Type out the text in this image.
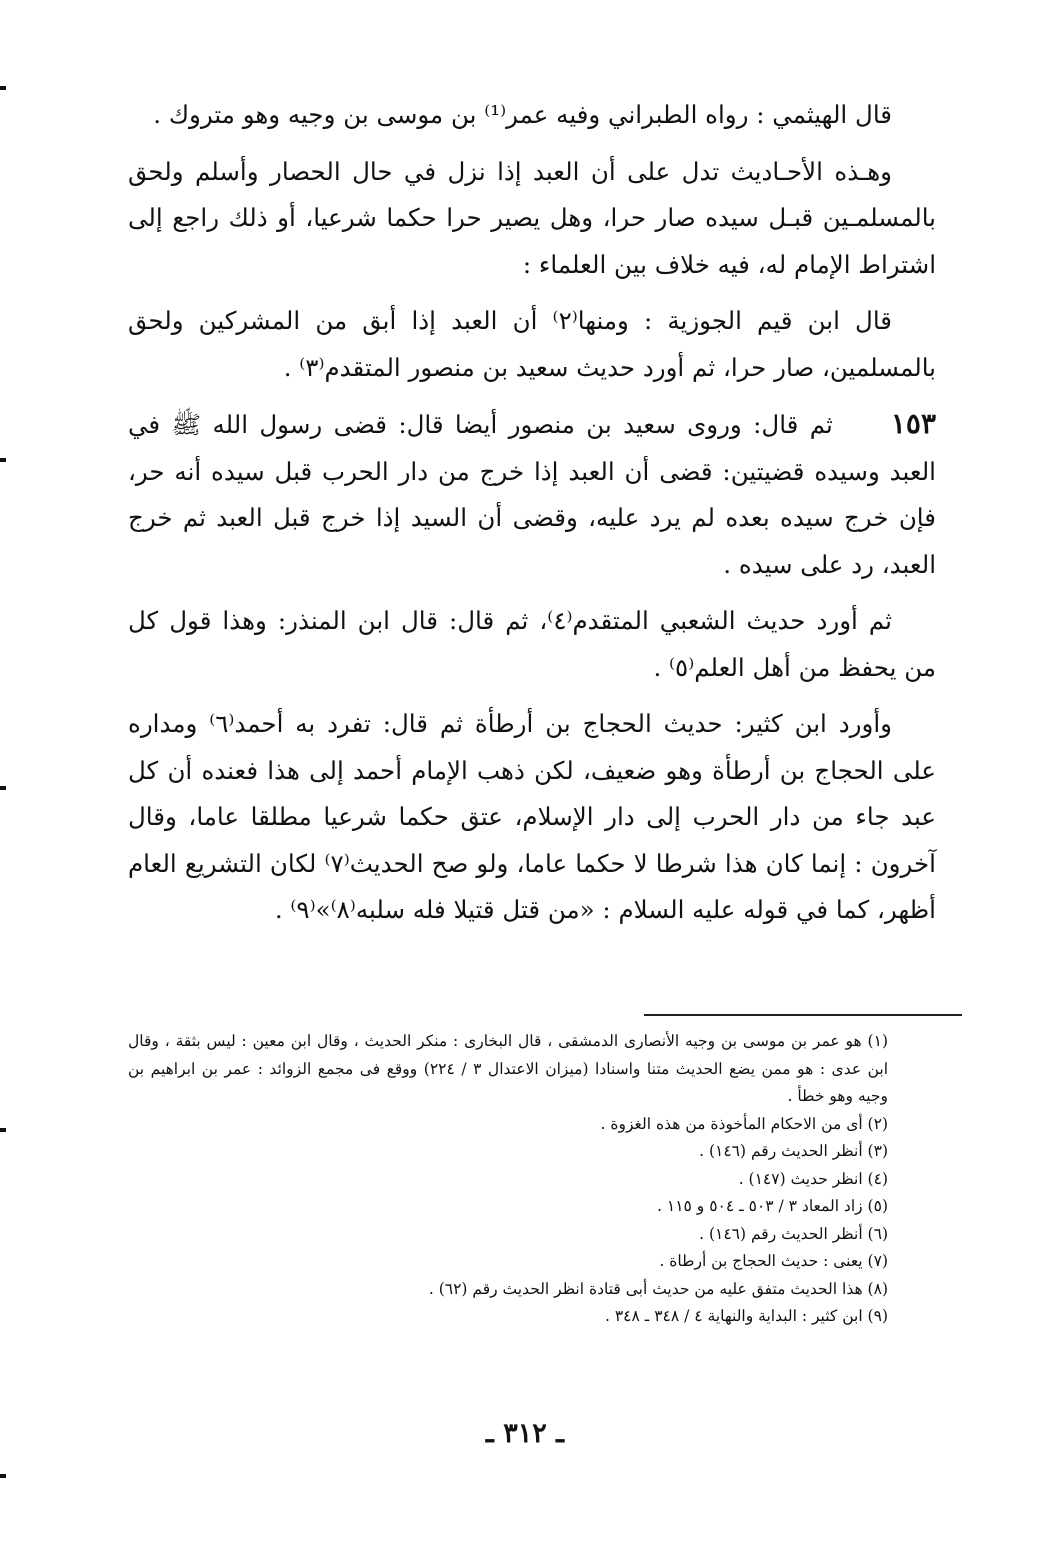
قال الهيثمي : رواه الطبراني وفيه عمر⁽¹⁾ بن موسى بن وجيه وهو متروك .

وهـذه الأحـاديث تدل على أن العبد إذا نزل في حال الحصار وأسلم ولحق بالمسلمـين قبـل سيده صار حرا، وهل يصير حرا حكما شرعيا، أو ذلك راجع إلى اشتراط الإمام له، فيه خلاف بين العلماء :

قال ابن قيم الجوزية : ومنها⁽٢⁾ أن العبد إذا أبق من المشركين ولحق بالمسلمين، صار حرا، ثم أورد حديث سعيد بن منصور المتقدم⁽٣⁾ .

١٥٣ثم قال: وروى سعيد بن منصور أيضا قال: قضى رسول الله ﷺ في العبد وسيده قضيتين: قضى أن العبد إذا خرج من دار الحرب قبل سيده أنه حر، فإن خرج سيده بعده لم يرد عليه، وقضى أن السيد إذا خرج قبل العبد ثم خرج العبد، رد على سيده .

ثم أورد حديث الشعبي المتقدم⁽٤⁾، ثم قال: قال ابن المنذر: وهذا قول كل من يحفظ من أهل العلم⁽٥⁾ .

وأورد ابن كثير: حديث الحجاج بن أرطأة ثم قال: تفرد به أحمد⁽٦⁾ ومداره على الحجاج بن أرطأة وهو ضعيف، لكن ذهب الإمام أحمد إلى هذا فعنده أن كل عبد جاء من دار الحرب إلى دار الإسلام، عتق حكما شرعيا مطلقا عاما، وقال آخرون : إنما كان هذا شرطا لا حكما عاما، ولو صح الحديث⁽٧⁾ لكان التشريع العام أظهر، كما في قوله عليه السلام : «من قتل قتيلا فله سلبه⁽٨⁾»⁽٩⁾ .

(١) هو عمر بن موسى بن وجيه الأنصارى الدمشقى ، قال البخارى : منكر الحديث ، وقال ابن معين : ليس بثقة ، وقال ابن عدى : هو ممن يضع الحديث متنا واسنادا (ميزان الاعتدال ٣ / ٢٢٤) ووقع فى مجمع الزوائد : عمر بن ابراهيم بن وجيه وهو خطأ .

(٢) أى من الاحكام المأخوذة من هذه الغزوة .

(٣) أنظر الحديث رقم (١٤٦) .

(٤) انظر حديث (١٤٧) .

(٥) زاد المعاد ٣ / ٥٠٣ ـ ٥٠٤ و ١١٥ .

(٦) أنظر الحديث رقم (١٤٦) .

(٧) يعنى : حديث الحجاج بن أرطاة .

(٨) هذا الحديث متفق عليه من حديث أبى قتادة انظر الحديث رقم (٦٢) .

(٩) ابن كثير : البداية والنهاية ٤ / ٣٤٨ ـ ٣٤٨ .

ـ ٣١٢ ـ
